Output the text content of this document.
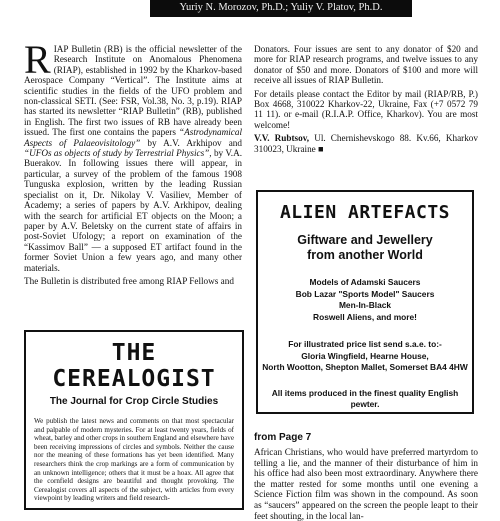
Yuriy N. Morozov, Ph.D.; Yuliy V. Platov, Ph.D.
R IAP Bulletin (RB) is the official newsletter of the Research Institute on Anomalous Phenomena (RIAP), established in 1992 by the Kharkov-based Aerospace Company “Vertical”. The Institute aims at scientific studies in the fields of the UFO problem and non-classical SETI. (See: FSR, Vol.38, No. 3, p.19). RIAP has started its newsletter “RIAP Bulletin” (RB), published in English. The first two issues of RB have already been issued. The first one contains the papers “Astrodynamical Aspects of Palaeovisitology” by A.V. Arkhipov and “UFOs as objects of study by Terrestrial Physics”, by V.A. Buerakov. In following issues there will appear, in particular, a survey of the problem of the famous 1908 Tunguska explosion, written by the leading Russian specialist on it, Dr. Nikolay V. Vasiliev, Member of Academy; a series of papers by A.V. Arkhipov, dealing with the search for artificial ET objects on the Moon; a paper by A.V. Beletsky on the current state of affairs in post-Soviet Ufology; a report on examination of the “Kassimov Ball” — a supposed ET artifact found in the former Soviet Union a few years ago, and many other materials.
The Bulletin is distributed free among RIAP Fellows and
Donators. Four issues are sent to any donator of $20 and more for RIAP research programs, and twelve issues to any donator of $50 and more. Donators of $100 and more will receive all issues of RIAP Bulletin.
For details please contact the Editor by mail (RIAP/RB, P.) Box 4668, 310022 Kharkov-22, Ukraine, Fax (+7 0572 79 11 11). or e-mail (R.I.A.P. Office, Kharkov). You are most welcome!
V.V. Rubtsov, Ul. Chernishevskogo 88. Kv.66, Kharkov 310023, Ukraine ■
ALIEN ARTEFACTS
Giftware and Jewellery
from another World
Models of Adamski Saucers
Bob Lazar "Sports Model" Saucers
Men-In-Black
Roswell Aliens, and more!
For illustrated price list send s.a.e. to:-
Gloria Wingfield, Hearne House,
North Wootton, Shepton Mallet, Somerset BA4 4HW
All items produced in the finest quality English
pewter.
THE CEREALOGIST
The Journal for Crop Circle Studies
We publish the latest news and comments on that most spectacular and palpable of modern mysteries. For at least twenty years, fields of wheat, barley and other crops in southern England and elsewhere have been receiving impressions of circles and symbols. Neither the cause nor the meaning of these formations has yet been identified. Many researchers think the crop markings are a form of communication by an unknown intelligence; others that it must be a hoax. All agree that the cornfield designs are beautiful and thought provoking. The Cerealogist covers all aspects of the subject, with articles from every viewpoint by leading writers and field research-
from Page 7
African Christians, who would have preferred martyrdom to telling a lie, and the manner of their disturbance of him in his office had also been most extraordinary. Anywhere there the matter rested for some months until one evening a Science Fiction film was shown in the compound. As soon as “saucers” appeared on the screen the people leapt to their feet shouting, in the local lan-
